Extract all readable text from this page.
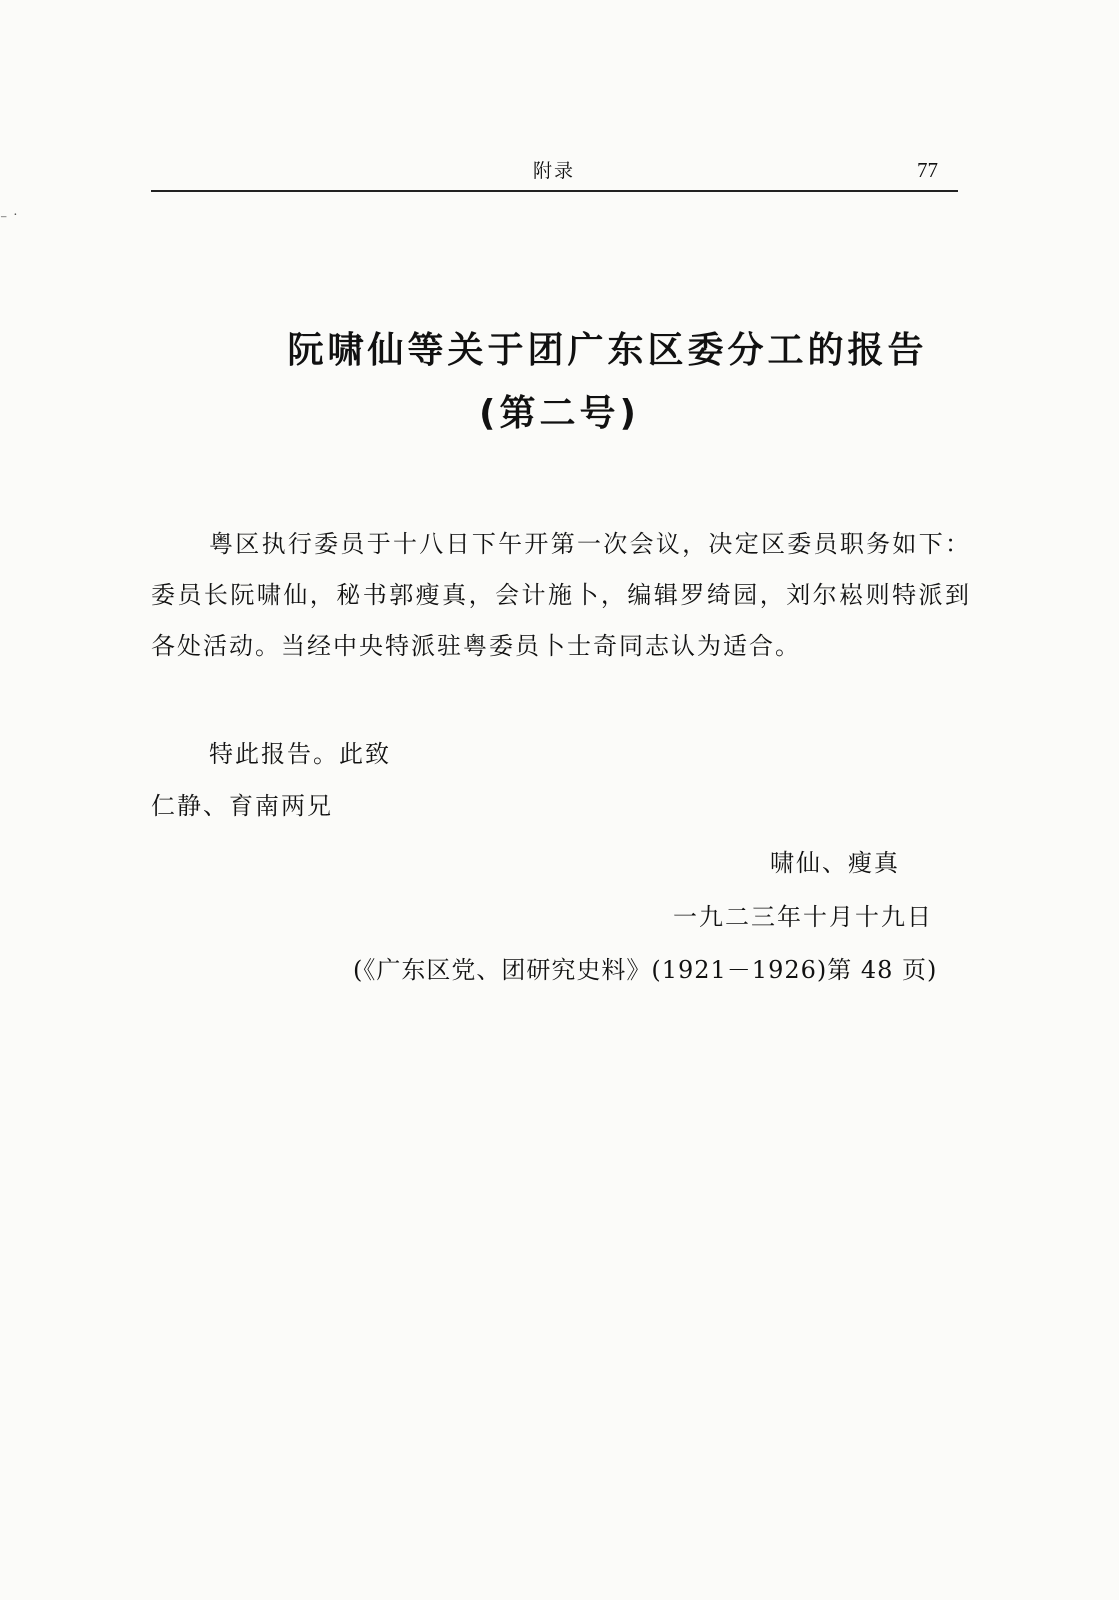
⁻ ˙
附录	77
阮啸仙等关于团广东区委分工的报告
(第二号)
粤区执行委员于十八日下午开第一次会议，决定区委员职务如下：委员长阮啸仙，秘书郭瘦真，会计施卜，编辑罗绮园，刘尔崧则特派到各处活动。当经中央特派驻粤委员卜士奇同志认为适合。
特此报告。此致
仁静、育南两兄
啸仙、瘦真
一九二三年十月十九日
(《广东区党、团研究史料》(1921－1926)第 48 页)
